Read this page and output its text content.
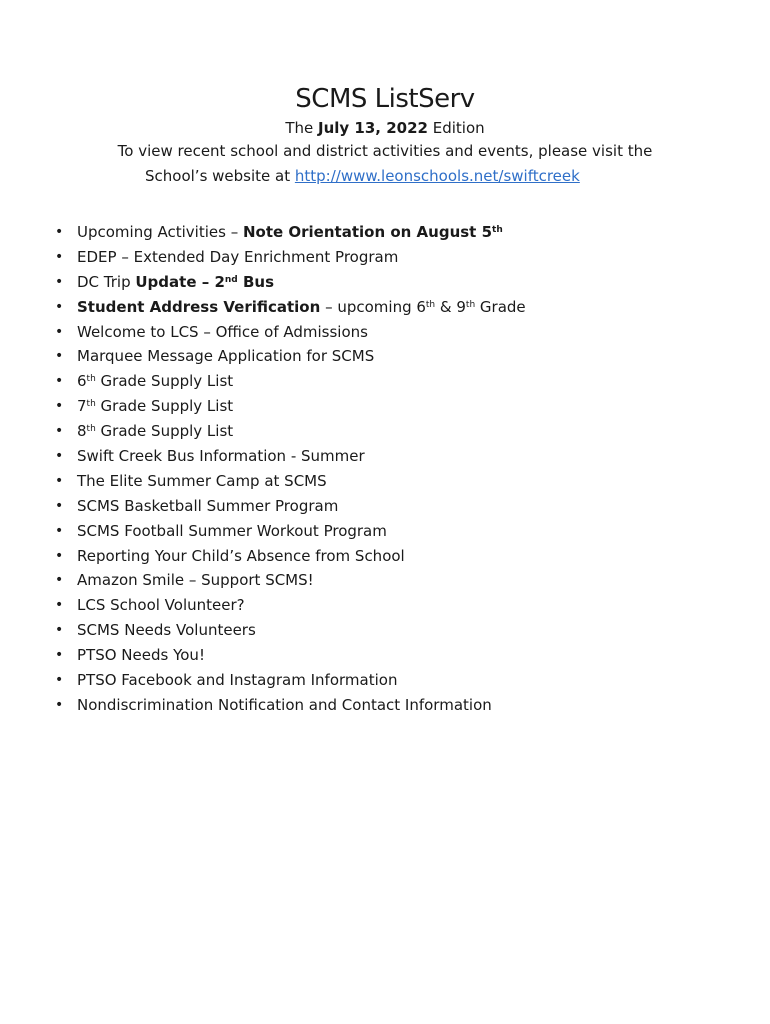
SCMS ListServ

The July 13, 2022 Edition

To view recent school and district activities and events, please visit the

School’s website at http://www.leonschools.net/swiftcreek

• Upcoming Activities – Note Orientation on August 5th
• EDEP – Extended Day Enrichment Program
• DC Trip Update – 2nd Bus
• Student Address Verification – upcoming 6th & 9th Grade
• Welcome to LCS – Office of Admissions
• Marquee Message Application for SCMS
• 6th Grade Supply List
• 7th Grade Supply List
• 8th Grade Supply List
• Swift Creek Bus Information - Summer
• The Elite Summer Camp at SCMS
• SCMS Basketball Summer Program
• SCMS Football Summer Workout Program
• Reporting Your Child’s Absence from School
• Amazon Smile – Support SCMS!
• LCS School Volunteer?
• SCMS Needs Volunteers
• PTSO Needs You!
• PTSO Facebook and Instagram Information
• Nondiscrimination Notification and Contact Information
